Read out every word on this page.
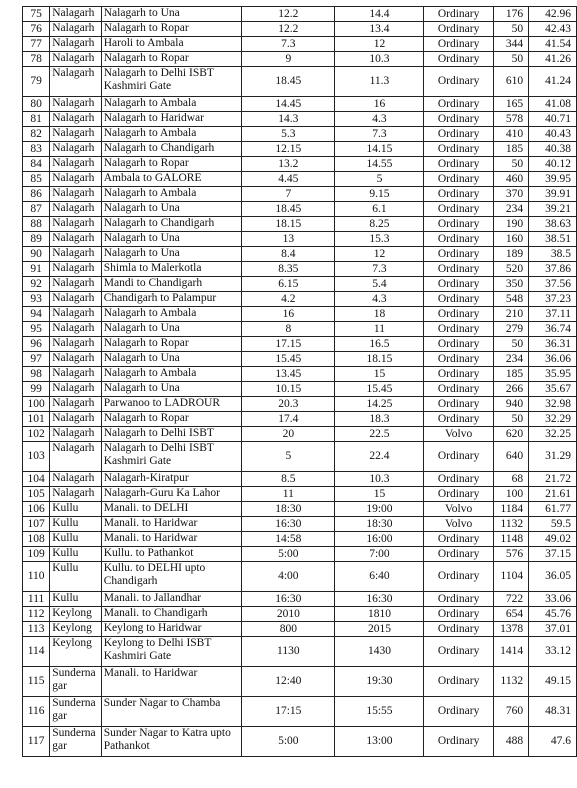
75	Nalagarh	Nalagarh to Una	12.2	14.4	Ordinary	176	42.96
76	Nalagarh	Nalagarh to Ropar	12.2	13.4	Ordinary	50	42.43
77	Nalagarh	Haroli to Ambala	7.3	12	Ordinary	344	41.54
78	Nalagarh	Nalagarh to Ropar	9	10.3	Ordinary	50	41.26
79	Nalagarh	Nalagarh to Delhi ISBT Kashmiri Gate	18.45	11.3	Ordinary	610	41.24
80	Nalagarh	Nalagarh to Ambala	14.45	16	Ordinary	165	41.08
81	Nalagarh	Nalagarh to Haridwar	14.3	4.3	Ordinary	578	40.71
82	Nalagarh	Nalagarh to Ambala	5.3	7.3	Ordinary	410	40.43
83	Nalagarh	Nalagarh to Chandigarh	12.15	14.15	Ordinary	185	40.38
84	Nalagarh	Nalagarh to Ropar	13.2	14.55	Ordinary	50	40.12
85	Nalagarh	Ambala to GALORE	4.45	5	Ordinary	460	39.95
86	Nalagarh	Nalagarh to Ambala	7	9.15	Ordinary	370	39.91
87	Nalagarh	Nalagarh to Una	18.45	6.1	Ordinary	234	39.21
88	Nalagarh	Nalagarh to Chandigarh	18.15	8.25	Ordinary	190	38.63
89	Nalagarh	Nalagarh to Una	13	15.3	Ordinary	160	38.51
90	Nalagarh	Nalagarh to Una	8.4	12	Ordinary	189	38.5
91	Nalagarh	Shimla to Malerkotla	8.35	7.3	Ordinary	520	37.86
92	Nalagarh	Mandi to Chandigarh	6.15	5.4	Ordinary	350	37.56
93	Nalagarh	Chandigarh to Palampur	4.2	4.3	Ordinary	548	37.23
94	Nalagarh	Nalagarh to Ambala	16	18	Ordinary	210	37.11
95	Nalagarh	Nalagarh to Una	8	11	Ordinary	279	36.74
96	Nalagarh	Nalagarh to Ropar	17.15	16.5	Ordinary	50	36.31
97	Nalagarh	Nalagarh to Una	15.45	18.15	Ordinary	234	36.06
98	Nalagarh	Nalagarh to Ambala	13.45	15	Ordinary	185	35.95
99	Nalagarh	Nalagarh to Una	10.15	15.45	Ordinary	266	35.67
100	Nalagarh	Parwanoo to LADROUR	20.3	14.25	Ordinary	940	32.98
101	Nalagarh	Nalagarh to Ropar	17.4	18.3	Ordinary	50	32.29
102	Nalagarh	Nalagarh to Delhi ISBT	20	22.5	Volvo	620	32.25
103	Nalagarh	Nalagarh to Delhi ISBT Kashmiri Gate	5	22.4	Ordinary	640	31.29
104	Nalagarh	Nalagarh-Kiratpur	8.5	10.3	Ordinary	68	21.72
105	Nalagarh	Nalagarh-Guru Ka Lahor	11	15	Ordinary	100	21.61
106	Kullu	Manali. to DELHI	18:30	19:00	Volvo	1184	61.77
107	Kullu	Manali. to Haridwar	16:30	18:30	Volvo	1132	59.5
108	Kullu	Manali. to Haridwar	14:58	16:00	Ordinary	1148	49.02
109	Kullu	Kullu. to Pathankot	5:00	7:00	Ordinary	576	37.15
110	Kullu	Kullu. to DELHI upto Chandigarh	4:00	6:40	Ordinary	1104	36.05
111	Kullu	Manali. to Jallandhar	16:30	16:30	Ordinary	722	33.06
112	Keylong	Manali. to Chandigarh	2010	1810	Ordinary	654	45.76
113	Keylong	Keylong to Haridwar	800	2015	Ordinary	1378	37.01
114	Keylong	Keylong to Delhi ISBT Kashmiri Gate	1130	1430	Ordinary	1414	33.12
115	Sunderna gar	Manali. to Haridwar	12:40	19:30	Ordinary	1132	49.15
116	Sunderna gar	Sunder Nagar to Chamba	17:15	15:55	Ordinary	760	48.31
117	Sunderna gar	Sunder Nagar to Katra upto Pathankot	5:00	13:00	Ordinary	488	47.6
